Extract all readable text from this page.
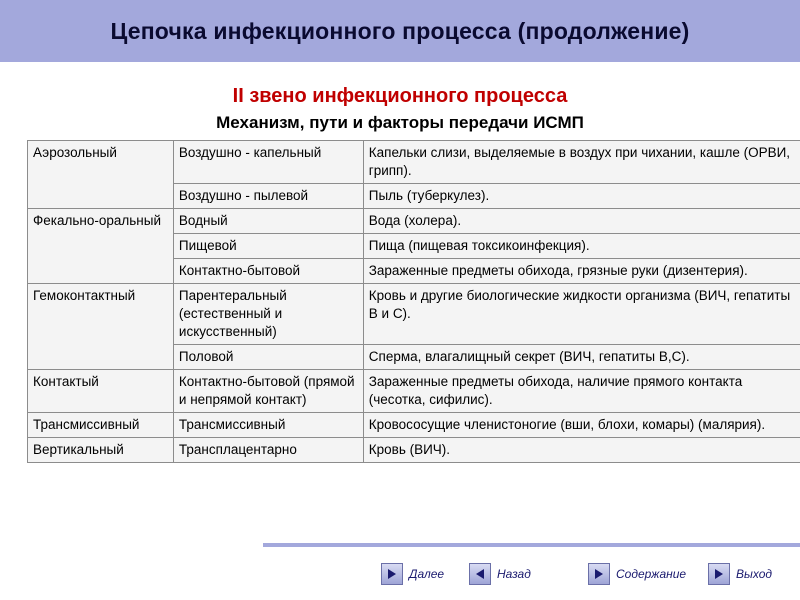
Цепочка инфекционного процесса (продолжение)
II звено инфекционного процесса
Механизм, пути и факторы передачи ИСМП
Аэрозольный	Воздушно - капельный	Капельки слизи, выделяемые в воздух при чихании, кашле (ОРВИ, грипп).
	Воздушно - пылевой	Пыль (туберкулез).
Фекально-оральный	Водный	Вода (холера).
	Пищевой	Пища (пищевая токсикоинфекция).
	Контактно-бытовой	Зараженные предметы обихода, грязные руки (дизентерия).
Гемоконтактный	Парентеральный (естественный и искусственный)	Кровь и другие биологические жидкости организма (ВИЧ, гепатиты В и С).
	Половой	Сперма, влагалищный секрет (ВИЧ, гепатиты В,С).
Контактый	Контактно-бытовой (прямой и непрямой контакт)	Зараженные предметы обихода, наличие прямого контакта (чесотка, сифилис).
Трансмиссивный	Трансмиссивный	Кровососущие членистоногие (вши, блохи, комары) (малярия).
Вертикальный	Трансплацентарно	Кровь (ВИЧ).
Далее	Назад	Содержание	Выход
